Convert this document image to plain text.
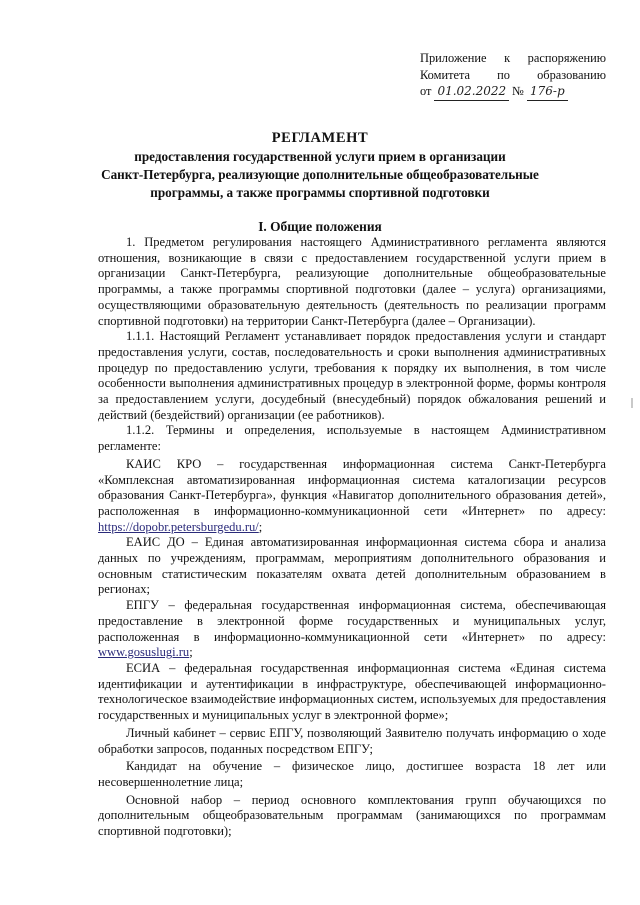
Приложение к распоряжению
Комитета по образованию
от 01.02.2022 № 176-р
РЕГЛАМЕНТ
предоставления государственной услуги прием в организации
Санкт-Петербурга, реализующие дополнительные общеобразовательные
программы, а также программы спортивной подготовки
I. Общие положения

1. Предметом регулирования настоящего Административного регламента являются отношения, возникающие в связи с предоставлением государственной услуги прием в организации Санкт-Петербурга, реализующие дополнительные общеобразовательные программы, а также программы спортивной подготовки (далее – услуга) организациями, осуществляющими образовательную деятельность (деятельность по реализации программ спортивной подготовки) на территории Санкт-Петербурга (далее – Организации).

1.1.1. Настоящий Регламент устанавливает порядок предоставления услуги и стандарт предоставления услуги, состав, последовательность и сроки выполнения административных процедур по предоставлению услуги, требования к порядку их выполнения, в том числе особенности выполнения административных процедур в электронной форме, формы контроля за предоставлением услуги, досудебный (внесудебный) порядок обжалования решений и действий (бездействий) организации (ее работников).

1.1.2. Термины и определения, используемые в настоящем Административном регламенте:

КАИС КРО – государственная информационная система Санкт-Петербурга «Комплексная автоматизированная информационная система каталогизации ресурсов образования Санкт-Петербурга», функция «Навигатор дополнительного образования детей», расположенная в информационно-коммуникационной сети «Интернет» по адресу: https://dopobr.petersburgedu.ru/;

ЕАИС ДО – Единая автоматизированная информационная система сбора и анализа данных по учреждениям, программам, мероприятиям дополнительного образования и основным статистическим показателям охвата детей дополнительным образованием в регионах;

ЕПГУ – федеральная государственная информационная система, обеспечивающая предоставление в электронной форме государственных и муниципальных услуг, расположенная в информационно-коммуникационной сети «Интернет» по адресу: www.gosuslugi.ru;

ЕСИА – федеральная государственная информационная система «Единая система идентификации и аутентификации в инфраструктуре, обеспечивающей информационно-технологическое взаимодействие информационных систем, используемых для предоставления государственных и муниципальных услуг в электронной форме»;

Личный кабинет – сервис ЕПГУ, позволяющий Заявителю получать информацию о ходе обработки запросов, поданных посредством ЕПГУ;

Кандидат на обучение – физическое лицо, достигшее возраста 18 лет или несовершеннолетние лица;

Основной набор – период основного комплектования групп обучающихся по дополнительным общеобразовательным программам (занимающихся по программам спортивной подготовки);
